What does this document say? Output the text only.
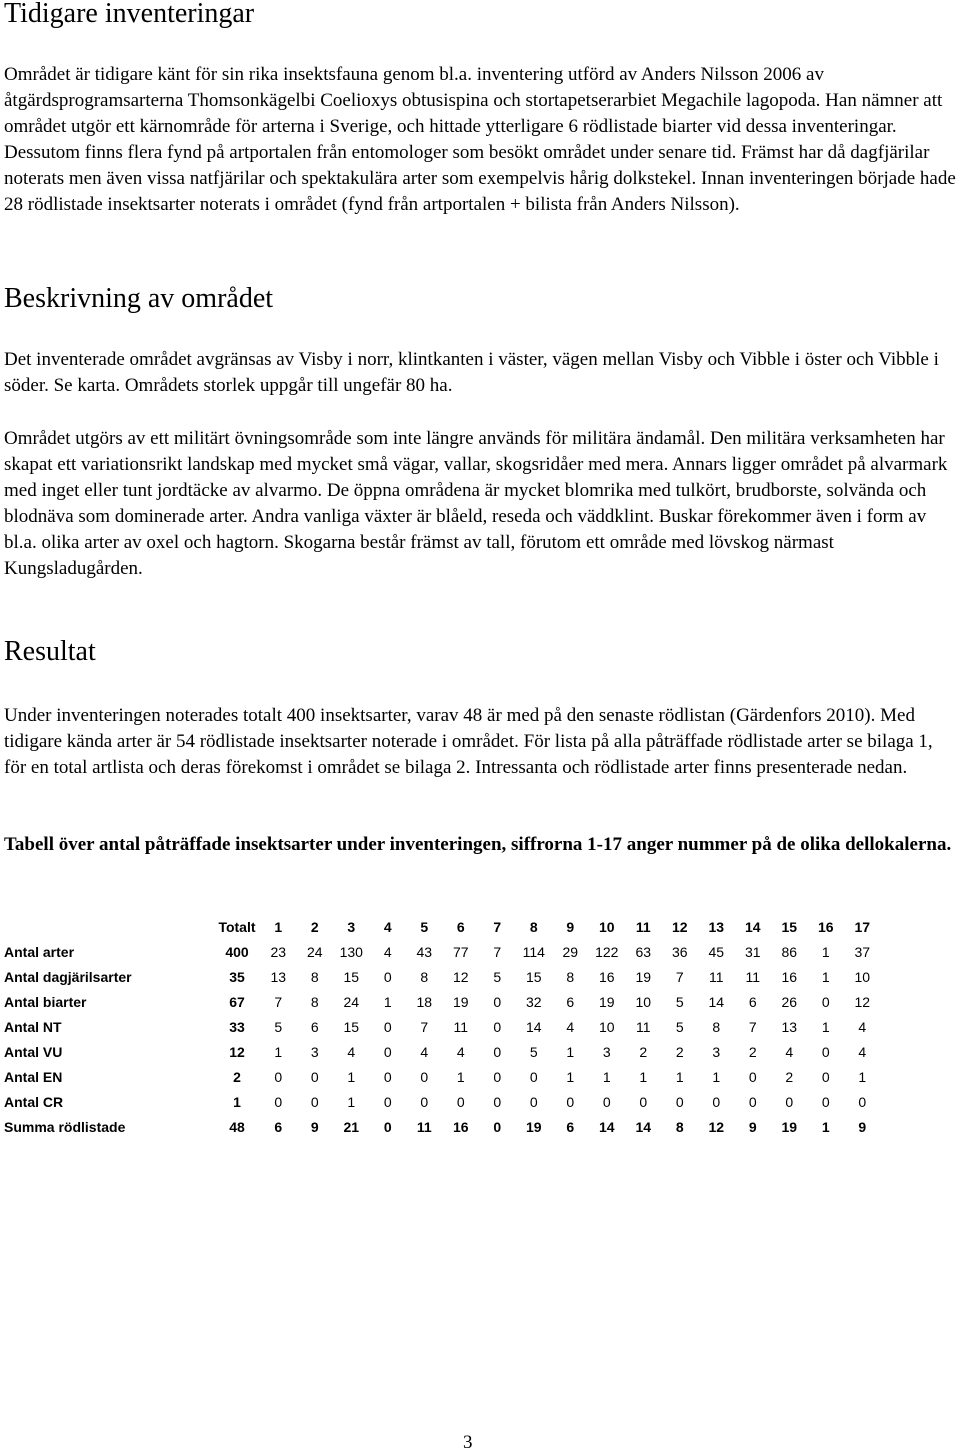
Tidigare inventeringar

Området är tidigare känt för sin rika insektsfauna genom bl.a. inventering utförd av Anders Nilsson 2006 av åtgärdsprogramsarterna Thomsonkägelbi Coelioxys obtusispina och stortapetserarbiet Megachile lagopoda. Han nämner att området utgör ett kärnområde för arterna i Sverige, och hittade ytterligare 6 rödlistade biarter vid dessa inventeringar. Dessutom finns flera fynd på artportalen från entomologer som besökt området under senare tid. Främst har då dagfjärilar noterats men även vissa natfjärilar och spektakulära arter som exempelvis hårig dolkstekel. Innan inventeringen började hade 28 rödlistade insektsarter noterats i området (fynd från artportalen + bilista från Anders Nilsson).

Beskrivning av området

Det inventerade området avgränsas av Visby i norr, klintkanten i väster, vägen mellan Visby och Vibble i öster och Vibble i söder. Se karta. Områdets storlek uppgår till ungefär 80 ha.

Området utgörs av ett militärt övningsområde som inte längre används för militära ändamål. Den militära verksamheten har skapat ett variationsrikt landskap med mycket små vägar, vallar, skogsridåer med mera. Annars ligger området på alvarmark med inget eller tunt jordtäcke av alvarmo. De öppna områdena är mycket blomrika med tulkört, brudborste, solvända och blodnäva som dominerade arter. Andra vanliga växter är blåeld, reseda och väddklint. Buskar förekommer även i form av bl.a. olika arter av oxel och hagtorn. Skogarna består främst av tall, förutom ett område med lövskog närmast Kungsladugården.

Resultat

Under inventeringen noterades totalt 400 insektsarter, varav 48 är med på den senaste rödlistan (Gärdenfors 2010). Med tidigare kända arter är 54 rödlistade insektsarter noterade i området. För lista på alla påträffade rödlistade arter se bilaga 1, för en total artlista och deras förekomst i området se bilaga 2. Intressanta och rödlistade arter finns presenterade nedan.

Tabell över antal påträffade insektsarter under inventeringen, siffrorna 1-17 anger nummer på de olika dellokalerna.

	Totalt	1	2	3	4	5	6	7	8	9	10	11	12	13	14	15	16	17
Antal arter	400	23	24	130	4	43	77	7	114	29	122	63	36	45	31	86	1	37
Antal dagjärilsarter	35	13	8	15	0	8	12	5	15	8	16	19	7	11	11	16	1	10
Antal biarter	67	7	8	24	1	18	19	0	32	6	19	10	5	14	6	26	0	12
Antal NT	33	5	6	15	0	7	11	0	14	4	10	11	5	8	7	13	1	4
Antal VU	12	1	3	4	0	4	4	0	5	1	3	2	2	3	2	4	0	4
Antal EN	2	0	0	1	0	0	1	0	0	1	1	1	1	1	0	2	0	1
Antal CR	1	0	0	1	0	0	0	0	0	0	0	0	0	0	0	0	0	0
Summa rödlistade	48	6	9	21	0	11	16	0	19	6	14	14	8	12	9	19	1	9
3
